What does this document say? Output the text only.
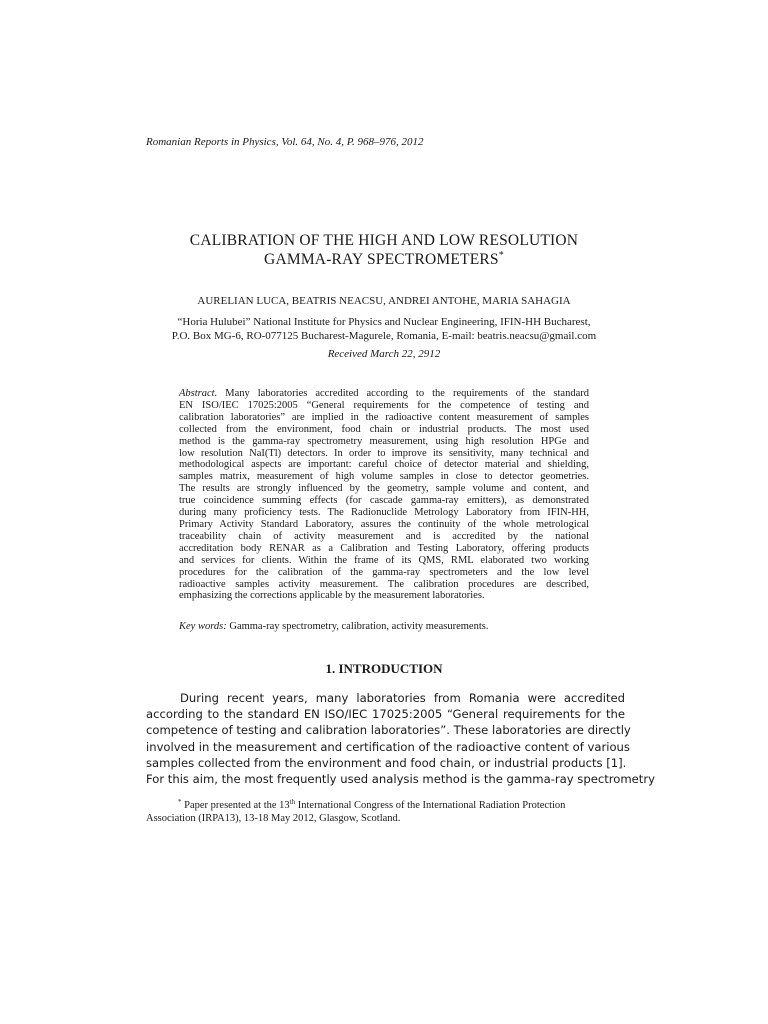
Romanian Reports in Physics, Vol. 64, No. 4, P. 968–976, 2012
CALIBRATION OF THE HIGH AND LOW RESOLUTION
GAMMA-RAY SPECTROMETERS*
AURELIAN LUCA, BEATRIS NEACSU, ANDREI ANTOHE, MARIA SAHAGIA
“Horia Hulubei” National Institute for Physics and Nuclear Engineering, IFIN-HH Bucharest,
P.O. Box MG-6, RO-077125 Bucharest-Magurele, Romania, E-mail: beatris.neacsu@gmail.com
Received March 22, 2912
Abstract. Many laboratories accredited according to the requirements of the standard
EN ISO/IEC 17025:2005 “General requirements for the competence of testing and
calibration laboratories” are implied in the radioactive content measurement of samples
collected from the environment, food chain or industrial products. The most used
method is the gamma-ray spectrometry measurement, using high resolution HPGe and
low resolution NaI(Tl) detectors. In order to improve its sensitivity, many technical and
methodological aspects are important: careful choice of detector material and shielding,
samples matrix, measurement of high volume samples in close to detector geometries.
The results are strongly influenced by the geometry, sample volume and content, and
true coincidence summing effects (for cascade gamma-ray emitters), as demonstrated
during many proficiency tests. The Radionuclide Metrology Laboratory from IFIN-HH,
Primary Activity Standard Laboratory, assures the continuity of the whole metrological
traceability chain of activity measurement and is accredited by the national
accreditation body RENAR as a Calibration and Testing Laboratory, offering products
and services for clients. Within the frame of its QMS, RML elaborated two working
procedures for the calibration of the gamma-ray spectrometers and the low level
radioactive samples activity measurement. The calibration procedures are described,
emphasizing the corrections applicable by the measurement laboratories.
Key words: Gamma-ray spectrometry, calibration, activity measurements.
1. INTRODUCTION
During recent years, many laboratories from Romania were accredited
according to the standard EN ISO/IEC 17025:2005 “General requirements for the
competence of testing and calibration laboratories”. These laboratories are directly
involved in the measurement and certification of the radioactive content of various
samples collected from the environment and food chain, or industrial products [1].
For this aim, the most frequently used analysis method is the gamma-ray spectrometry
* Paper presented at the 13th International Congress of the International Radiation Protection
Association (IRPA13), 13-18 May 2012, Glasgow, Scotland.
